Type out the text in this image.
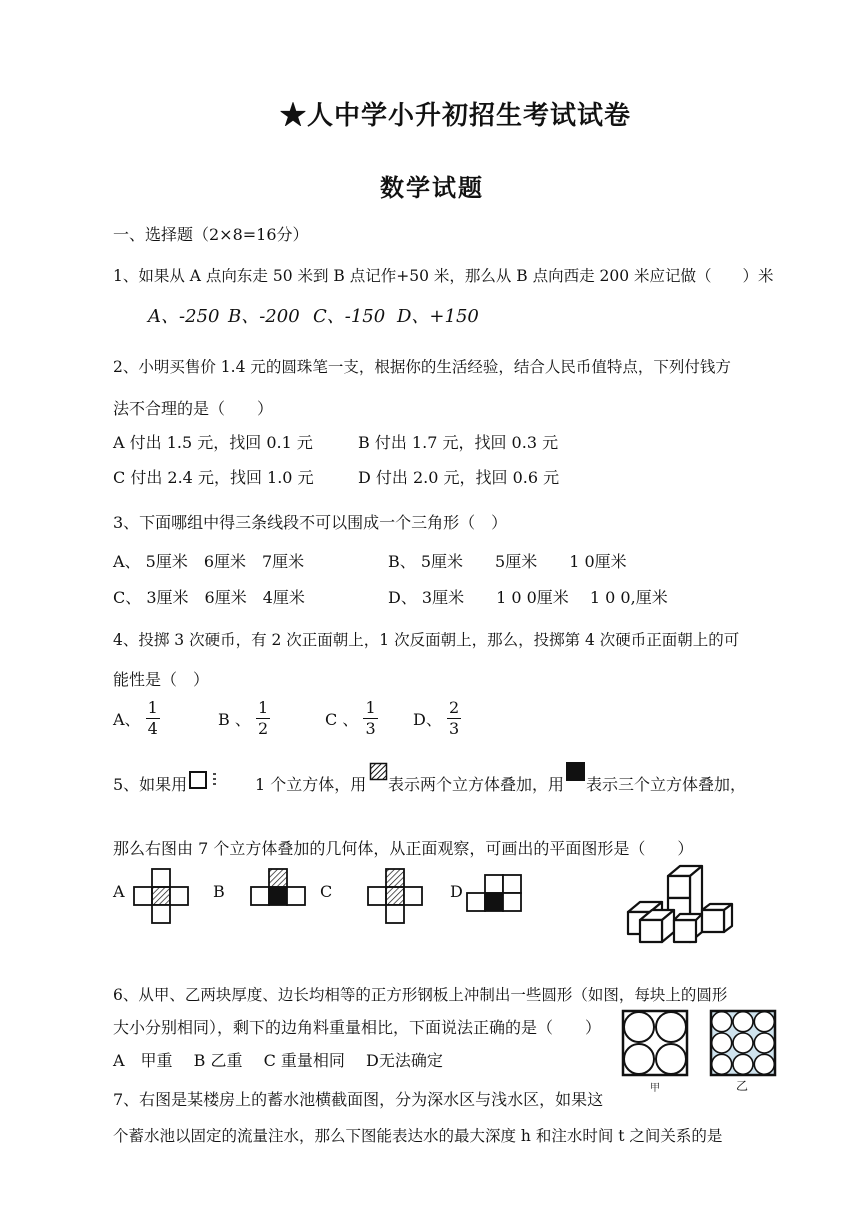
★人中学小升初招生考试试卷
数学试题
一、选择题（2×8=16分）
1、如果从 A 点向东走 50 米到 B 点记作+50 米，那么从 B 点向西走 200 米应记做（　　）米
A、-250 B、-200 C、-150 D、+150
2、小明买售价 1.4 元的圆珠笔一支，根据你的生活经验，结合人民币值特点，下列付钱方
法不合理的是（　　）
A 付出 1.5 元，找回 0.1 元	B 付出 1.7 元，找回 0.3 元
C 付出 2.4 元，找回 1.0 元	D 付出 2.0 元，找回 0.6 元
3、下面哪组中得三条线段不可以围成一个三角形（　）
A、 5厘米　6厘米　7厘米	B、 5厘米　　5厘米　　1 0厘米
C、 3厘米　6厘米　4厘米	D、 3厘米　　1 0 0厘米　 1 0 0,厘米
4、投掷 3 次硬币，有 2 次正面朝上，1 次反面朝上，那么，投掷第 4 次硬币正面朝上的可
能性是（　）
A、 $\frac{1}{4}$	B 、 $\frac{1}{2}$	C 、 $\frac{1}{3}$ D、 $\frac{2}{3}$
5、如果用	1 个立方体，用 表示两个立方体叠加，用 表示三个立方体叠加，
那么右图由 7 个立方体叠加的几何体，从正面观察，可画出的平面图形是（　　）
A	B	C	D
6、从甲、乙两块厚度、边长均相等的正方形钢板上冲制出一些圆形（如图，每块上的圆形
大小分别相同），剩下的边角料重量相比，下面说法正确的是（　　）
A　甲重　 B 乙重　 C 重量相同　 D无法确定
甲	乙
7、右图是某楼房上的蓄水池横截面图，分为深水区与浅水区，如果这
个蓄水池以固定的流量注水，那么下图能表达水的最大深度 h 和注水时间 t 之间关系的是
